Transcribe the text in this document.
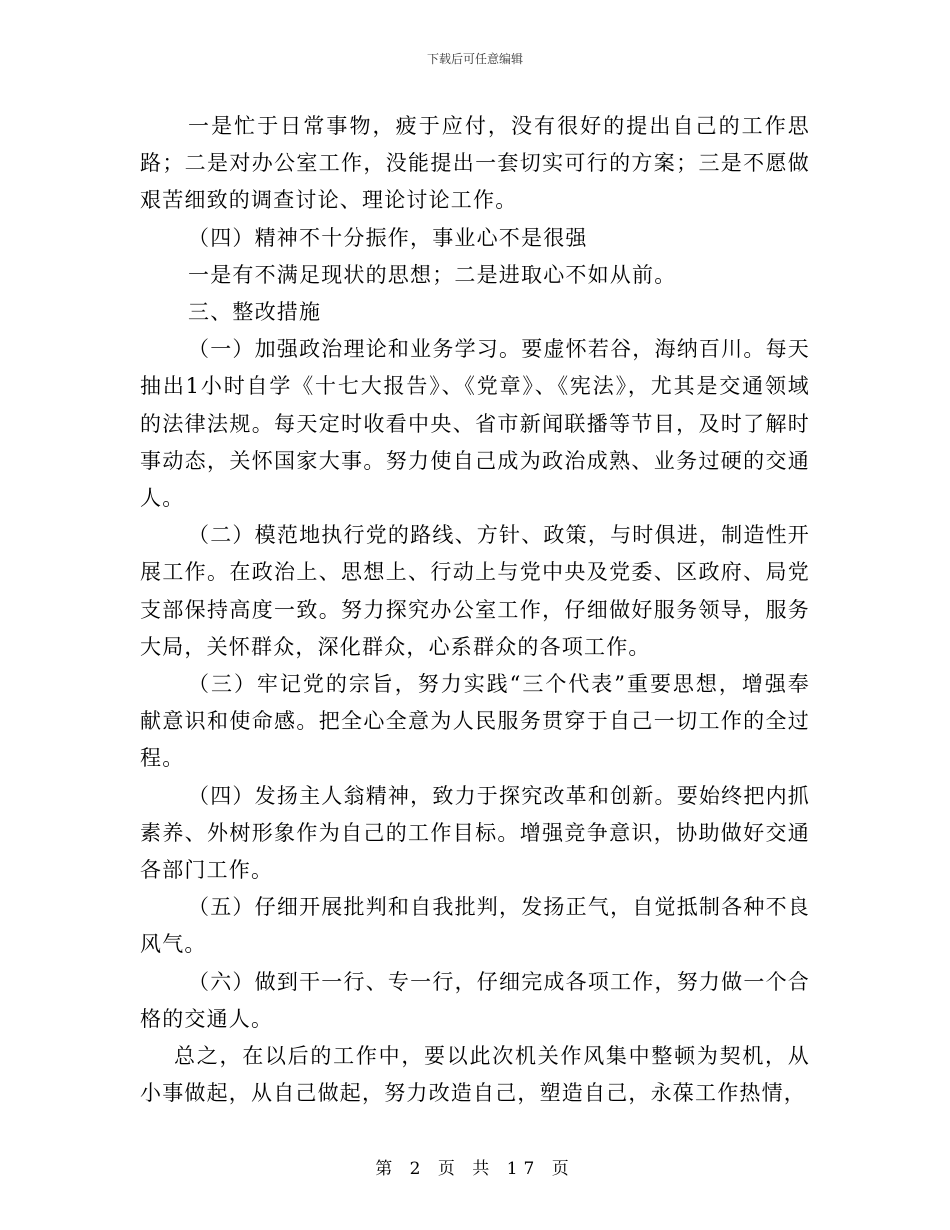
下载后可任意编辑

一是忙于日常事物，疲于应付，没有很好的提出自己的工作思路；二是对办公室工作，没能提出一套切实可行的方案；三是不愿做艰苦细致的调查讨论、理论讨论工作。

（四）精神不十分振作，事业心不是很强

一是有不满足现状的思想；二是进取心不如从前。

三、整改措施

（一）加强政治理论和业务学习。要虚怀若谷，海纳百川。每天抽出1小时自学《十七大报告》、《党章》、《宪法》，尤其是交通领域的法律法规。每天定时收看中央、省市新闻联播等节目，及时了解时事动态，关怀国家大事。努力使自己成为政治成熟、业务过硬的交通人。

（二）模范地执行党的路线、方针、政策，与时俱进，制造性开展工作。在政治上、思想上、行动上与党中央及党委、区政府、局党支部保持高度一致。努力探究办公室工作，仔细做好服务领导，服务大局，关怀群众，深化群众，心系群众的各项工作。

（三）牢记党的宗旨，努力实践“三个代表”重要思想，增强奉献意识和使命感。把全心全意为人民服务贯穿于自己一切工作的全过程。

（四）发扬主人翁精神，致力于探究改革和创新。要始终把内抓素养、外树形象作为自己的工作目标。增强竞争意识，协助做好交通各部门工作。

（五）仔细开展批判和自我批判，发扬正气，自觉抵制各种不良风气。

（六）做到干一行、专一行，仔细完成各项工作，努力做一个合格的交通人。

总之，在以后的工作中，要以此次机关作风集中整顿为契机，从小事做起，从自己做起，努力改造自己，塑造自己，永葆工作热情，

第 2 页 共 17 页
